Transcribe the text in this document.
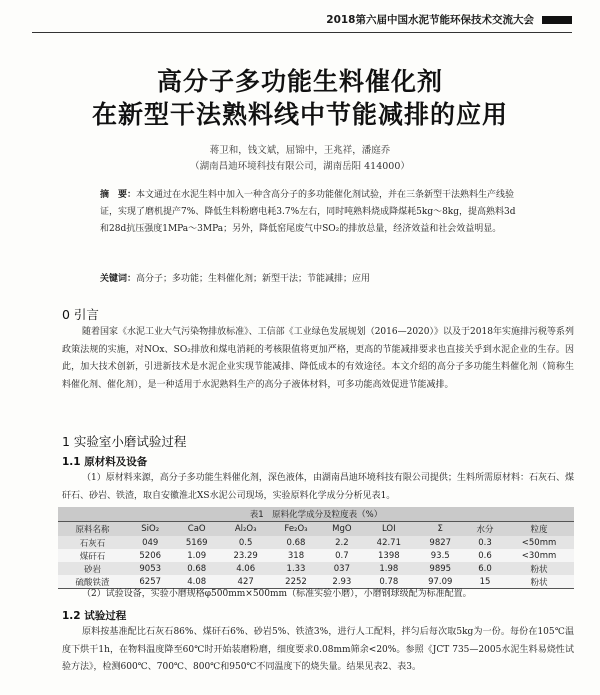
2018第六届中国水泥节能环保技术交流大会
高分子多功能生料催化剂
在新型干法熟料线中节能减排的应用
蒋卫和，钱文斌，屈锦中，王兆祥，潘庭乔
（湖南昌迪环境科技有限公司，湖南岳阳 414000）
摘　要：本文通过在水泥生料中加入一种含高分子的多功能催化剂试验，并在三条新型干法熟料生产线验证，实现了磨机提产7%、降低生料粉磨电耗3.7%左右，同时吨熟料烧成降煤耗5kg～8kg，提高熟料3d和28d抗压强度1MPa～3MPa；另外，降低窑尾废气中SO₂的排放总量，经济效益和社会效益明显。
关键词：高分子；多功能；生料催化剂；新型干法；节能减排；应用
0 引言
随着国家《水泥工业大气污染物排放标准》、工信部《工业绿色发展规划（2016—2020）》以及于2018年实施排污税等系列政策法规的实施，对NOx、SO₂排放和煤电消耗的考核限值将更加严格，更高的节能减排要求也直接关乎到水泥企业的生存。因此，加大技术创新，引进新技术是水泥企业实现节能减排、降低成本的有效途径。本文介绍的高分子多功能生料催化剂（简称生料催化剂、催化剂），是一种适用于水泥熟料生产的高分子液体材料，可多功能高效促进节能减排。
1 实验室小磨试验过程
1.1 原材料及设备
（1）原材料来源，高分子多功能生料催化剂，深色液体，由湖南昌迪环境科技有限公司提供；生料所需原材料：石灰石、煤矸石、砂岩、铁渣，取自安徽淮北XS水泥公司现场，实验原料化学成分分析见表1。
表1　原料化学成分及粒度表（%）
原料名称	SiO₂	CaO	Al₂O₃	Fe₂O₃	MgO	LOI	Σ	水分	粒度
石灰石	049	5169	0.5	0.68	2.2	42.71	9827	0.3	<50mm
煤矸石	5206	1.09	23.29	318	0.7	1398	93.5	0.6	<30mm
砂岩	9053	0.68	4.06	1.33	037	1.98	9895	6.0	粉状
硫酸铁渣	6257	4.08	427	2252	2.93	0.78	97.09	15	粉状
（2）试验设备，实验小磨规格φ500mm×500mm（标准实验小磨），小磨钢球级配为标准配置。
1.2 试验过程
原料按基准配比石灰石86%、煤矸石6%、砂岩5%、铁渣3%，进行人工配料，拌匀后每次取5kg为一份。每份在105℃温度下烘干1h，在物料温度降至60℃时开始装磨粉磨，细度要求0.08mm筛余<20%。参照《JCT 735—2005水泥生料易烧性试验方法》，检测600℃、700℃、800℃和950℃不同温度下的烧失量。结果见表2、表3。
